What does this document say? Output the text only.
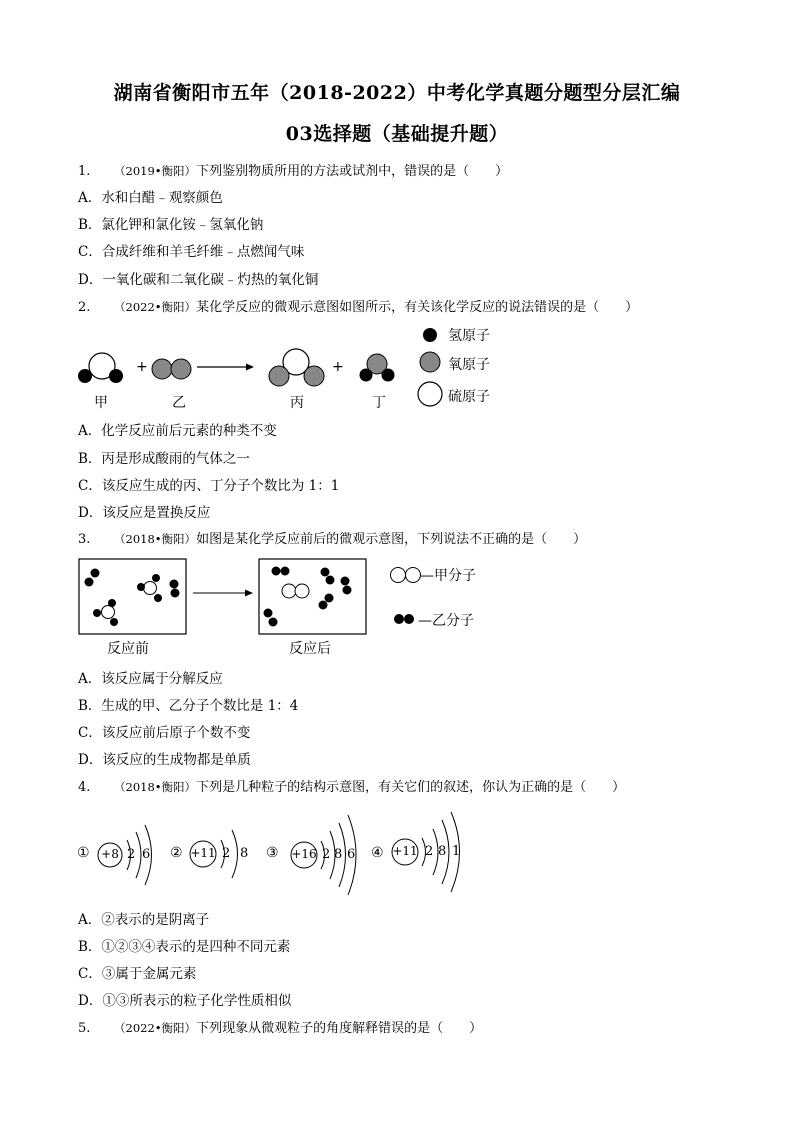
湖南省衡阳市五年（2018-2022）中考化学真题分题型分层汇编
03选择题（基础提升题）
1. （2019•衡阳）下列鉴别物质所用的方法或试剂中，错误的是（　　）
A．水和白醋﹣观察颜色
B．氯化钾和氯化铵﹣氢氧化钠
C．合成纤维和羊毛纤维﹣点燃闻气味
D．一氧化碳和二氧化碳﹣灼热的氧化铜
2. （2022•衡阳）某化学反应的微观示意图如图所示，有关该化学反应的说法错误的是（　　）
+	+
甲	乙	丙	丁
氢原子
氧原子
硫原子
A．化学反应前后元素的种类不变
B．丙是形成酸雨的气体之一
C．该反应生成的丙、丁分子个数比为 1：1
D．该反应是置换反应
3. （2018•衡阳）如图是某化学反应前后的微观示意图，下列说法不正确的是（　　）
反应前	反应后
—甲分子
—乙分子
A．该反应属于分解反应
B．生成的甲、乙分子个数比是 1：4
C．该反应前后原子个数不变
D．该反应的生成物都是单质
4. （2018•衡阳）下列是几种粒子的结构示意图，有关它们的叙述，你认为正确的是（　　）
① +8 2 6 ② +11 2 8 ③ +16 2 8 6 ④ +11 2 8 1
A．②表示的是阴离子
B．①②③④表示的是四种不同元素
C．③属于金属元素
D．①③所表示的粒子化学性质相似
5. （2022•衡阳）下列现象从微观粒子的角度解释错误的是（　　）
